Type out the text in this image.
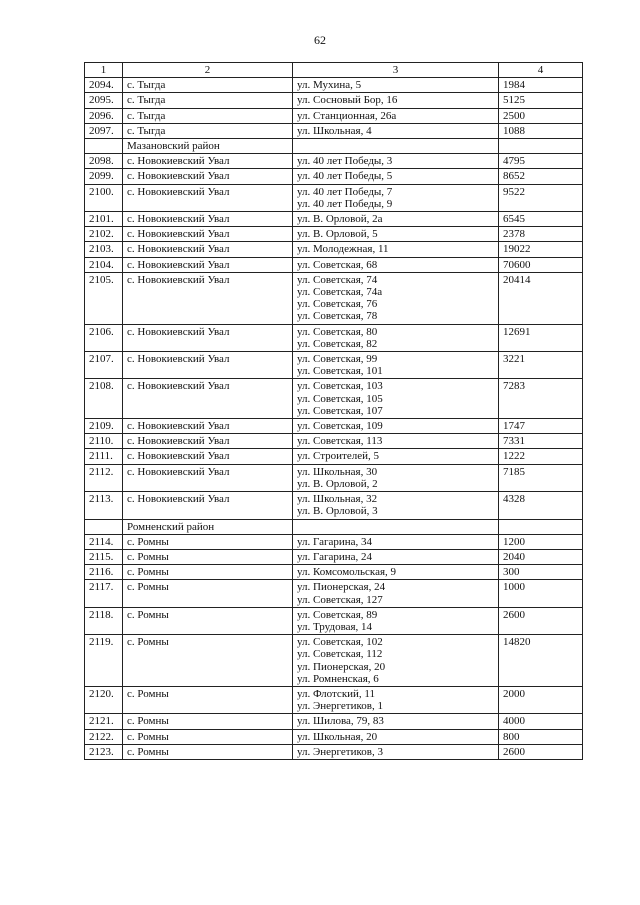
62
1	2	3	4
2094.	с. Тыгда	ул. Мухина, 5	1984
2095.	с. Тыгда	ул. Сосновый Бор, 16	5125
2096.	с. Тыгда	ул. Станционная, 26а	2500
2097.	с. Тыгда	ул. Школьная, 4	1088
	Мазановский район		
2098.	с. Новокиевский Увал	ул. 40 лет Победы, 3	4795
2099.	с. Новокиевский Увал	ул. 40 лет Победы, 5	8652
2100.	с. Новокиевский Увал	ул. 40 лет Победы, 7
ул. 40 лет Победы, 9	9522
2101.	с. Новокиевский Увал	ул. В. Орловой, 2а	6545
2102.	с. Новокиевский Увал	ул. В. Орловой, 5	2378
2103.	с. Новокиевский Увал	ул. Молодежная, 11	19022
2104.	с. Новокиевский Увал	ул. Советская, 68	70600
2105.	с. Новокиевский Увал	ул. Советская, 74
ул. Советская, 74а
ул. Советская, 76
ул. Советская, 78	20414
2106.	с. Новокиевский Увал	ул. Советская, 80
ул. Советская, 82	12691
2107.	с. Новокиевский Увал	ул. Советская, 99
ул. Советская, 101	3221
2108.	с. Новокиевский Увал	ул. Советская, 103
ул. Советская, 105
ул. Советская, 107	7283
2109.	с. Новокиевский Увал	ул. Советская, 109	1747
2110.	с. Новокиевский Увал	ул. Советская, 113	7331
2111.	с. Новокиевский Увал	ул. Строителей, 5	1222
2112.	с. Новокиевский Увал	ул. Школьная, 30
ул. В. Орловой, 2	7185
2113.	с. Новокиевский Увал	ул. Школьная, 32
ул. В. Орловой, 3	4328
	Ромненский район		
2114.	с. Ромны	ул. Гагарина, 34	1200
2115.	с. Ромны	ул. Гагарина, 24	2040
2116.	с. Ромны	ул. Комсомольская, 9	300
2117.	с. Ромны	ул. Пионерская, 24
ул. Советская, 127	1000
2118.	с. Ромны	ул. Советская, 89
ул. Трудовая, 14	2600
2119.	с. Ромны	ул. Советская, 102
ул. Советская, 112
ул. Пионерская, 20
ул. Ромненская, 6	14820
2120.	с. Ромны	ул. Флотский, 11
ул. Энергетиков, 1	2000
2121.	с. Ромны	ул. Шилова, 79, 83	4000
2122.	с. Ромны	ул. Школьная, 20	800
2123.	с. Ромны	ул. Энергетиков, 3	2600
